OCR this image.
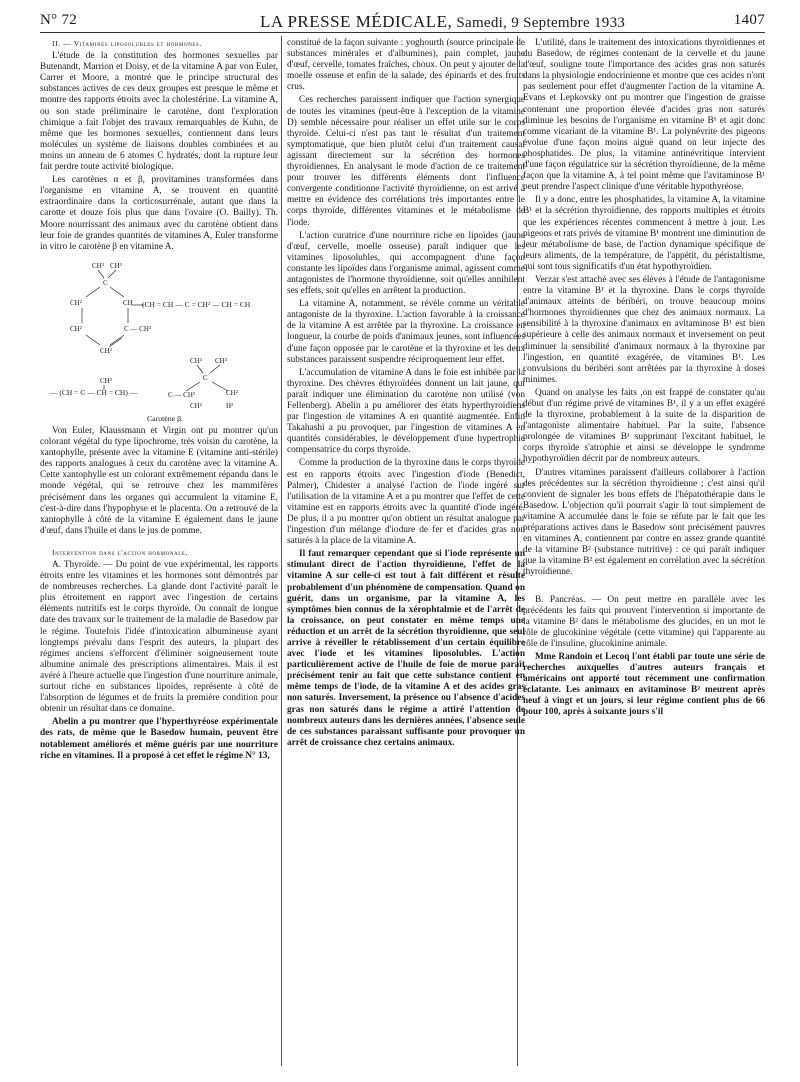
N° 72	LA PRESSE MÉDICALE, Samedi, 9 Septembre 1933	1407

II. — Vitamines liposolubles et hormones.

L'étude de la constitution des hormones sexuelles par Butenandt, Marrion et Doisy, et de la vitamine A par von Euler, Carrer et Moore, a montré que le principe structural des substances actives de ces deux groupes est presque le même et montre des rapports étroits avec la cholestérine. La vitamine A, ou son stade préliminaire le carotène, dont l'exploration chimique a fait l'objet des travaux remarquables de Kuhn, de même que les hormones sexuelles, contiennent dans leurs molécules un système de liaisons doubles combinées et au moins un anneau de 6 atomes C hydratés, dont la rupture leur fait perdre toute activité biologique.

Les carotènes α et β, provitamines transformées dans l'organisme en vitamine A, se trouvent en quantité extraordinaire dans la corticosurrénale, autant que dans la carotte et douze fois plus que dans l'ovaire (O. Bailly). Th. Moore nourrissant des animaux avec du carotène obtient dans leur foie de grandes quantités de vitamines A, Euler transforme in vitro le carotène β en vitamine A.

CH³ CH³
C
CH²	CH
CH²	C — CH³
CH²
(CH = CH — C = CH² — CH = CH
CH³ CH³
C
CH²
— (CH = C — CH = CH) —
CH³
C — CH³
CH²	H²

Carotène β.

Von Euler, Klaussmann et Virgin ont pu montrer qu'un colorant végétal du type lipochrome, très voisin du carotène, la xantophylle, présente avec la vitamine E (vitamine anti-stérile) des rapports analogues à ceux du carotène avec la vitamine A. Cette xantophylle est un colorant extrêmement répandu dans le monde végétal, qui se retrouve chez les mammifères précisément dans les organes qui accumulent la vitamine E, c'est-à-dire dans l'hypophyse et le placenta. On a retrouvé de la xantophylle à côté de la vitamine E également dans le jaune d'œuf, dans l'huile et dans le jus de pomme.

Intervention dans l'action hormonale.

A. Thyroïde. — Du point de vue expérimental, les rapports étroits entre les vitamines et les hormones sont démontrés par de nombreuses recherches. La glande dont l'activité paraît le plus étroitement en rapport avec l'ingestion de certains éléments nutritifs est le corps thyroïde. On connaît de longue date des travaux sur le traitement de la maladie de Basedow par le régime. Toutefois l'idée d'intoxication albumineuse ayant longtemps prévalu dans l'esprit des auteurs, la plupart des régimes anciens s'efforcent d'éliminer soigneusement toute albumine animale des prescriptions alimentaires. Mais il est avéré à l'heure actuelle que l'ingestion d'une nourriture animale, surtout riche en substances lipoïdes, représente à côté de l'absorption de légumes et de fruits la première condition pour obtenir un résultat dans ce domaine.

Abelin a pu montrer que l'hyperthyréose expérimentale des rats, de même que le Basedow humain, peuvent être notablement améliorés et même guéris par une nourriture riche en vitamines. Il a proposé à cet effet le régime N° 13,

constitué de la façon suivante : yoghourth (source principale de substances minérales et d'albumines), pain complet, jaune d'œuf, cervelle, tomates fraîches, choux. On peut y ajouter de la moelle osseuse et enfin de la salade, des épinards et des fruits crus.

Ces recherches paraissent indiquer que l'action synergique de toutes les vitamines (peut-être à l'exception de la vitamine D) semble nécessaire pour réaliser un effet utile sur le corps thyroïde. Celui-ci n'est pas tant le résultat d'un traitement symptomatique, que bien plutôt celui d'un traitement causal agissant directement sur la sécrétion des hormones thyroïdiennes. En analysant le mode d'action de ce traitement pour trouver les différents éléments dont l'influence convergente conditionne l'activité thyroïdienne, on est arrivé à mettre en évidence des corrélations très importantes entre le corps thyroïde, différentes vitamines et le métabolisme de l'iode.

L'action curatrice d'une nourriture riche en lipoïdes (jaune d'œuf, cervelle, moelle osseuse) paraît indiquer que les vitamines liposolubles, qui accompagnent d'une façon constante les lipoïdes dans l'organisme animal, agissent comme antagonistes de l'hormone thyroïdienne, soit qu'elles annihilent ses effets, soit qu'elles en arrêtent la production.

La vitamine A, notamment, se révèle comme un véritable antagoniste de la thyroxine. L'action favorable à la croissance de la vitamine A est arrêtée par la thyroxine. La croissance en longueur, la courbe de poids d'animaux jeunes, sont influencées d'une façon opposée par le carotène et la thyroxine et les deux substances paraissent suspendre réciproquement leur effet.

L'accumulation de vitamine A dans le foie est inhibée par la thyroxine. Des chèvres éthyroïdées donnent un lait jaune, qui paraît indiquer une élimination du carotène non utilisé (von Fellenberg). Abelin a pu améliorer des états hyperthyroïdiens par l'ingestion de vitamines A en quantité augmentée. Enfin Takahashi a pu provoquer, par l'ingestion de vitamines A en quantités considérables, le développement d'une hypertrophie compensatrice du corps thyroïde.

Comme la production de la thyroxine dans le corps thyroïde est en rapports étroits avec l'ingestion d'iode (Benedict, Palmer), Chidester a analysé l'action de l'iode ingéré sur l'utilisation de la vitamine A et a pu montrer que l'effet de cette vitamine est en rapports étroits avec la quantité d'iode ingéré. De plus, il a pu montrer qu'on obtient un résultat analogue par l'ingestion d'un mélange d'iodure de fer et d'acides gras non saturés à la place de la vitamine A.

Il faut remarquer cependant que si l'iode représente un stimulant direct de l'action thyroïdienne, l'effet de la vitamine A sur celle-ci est tout à fait différent et résulte probablement d'un phénomène de compensation. Quand on guérit, dans un organisme, par la vitamine A, les symptômes bien connus de la xérophtalmie et de l'arrêt de la croissance, on peut constater en même temps une réduction et un arrêt de la sécrétion thyroïdienne, que seul arrive à réveiller le rétablissement d'un certain équilibre avec l'iode et les vitamines liposolubles. L'action particulièrement active de l'huile de foie de morue paraît précisément tenir au fait que cette substance contient en même temps de l'iode, de la vitamine A et des acides gras non saturés. Inversement, la présence ou l'absence d'acides gras non saturés dans le régime a attiré l'attention de nombreux auteurs dans les dernières années, l'absence seule de ces substances paraissant suffisante pour provoquer un arrêt de croissance chez certains animaux.

L'utilité, dans le traitement des intoxications thyroïdiennes et du Basedow, de régimes contenant de la cervelle et du jaune d'œuf, souligne toute l'importance des acides gras non saturés dans la physiologie endocrinienne et montre que ces acides n'ont pas seulement pour effet d'augmenter l'action de la vitamine A. Evans et Lepkovsky ont pu montrer que l'ingestion de graisse contenant une proportion élevée d'acides gras non saturés diminue les besoins de l'organisme en vitamine B¹ et agit donc comme vicariant de la vitamine B¹. La polynévrite des pigeons évolue d'une façon moins aiguë quand on leur injecte des phosphatides. De plus, la vitamine antinévritique intervient d'une façon régulatrice sur la sécrétion thyroïdienne, de la même façon que la vitamine A, à tel point même que l'avitaminose B¹ peut prendre l'aspect clinique d'une véritable hypothyréose.

Il y a donc, entre les phosphatides, la vitamine A, la vitamine B¹ et la sécrétion thyroïdienne, des rapports multiples et étroits que les expériences récentes commencent à mettre à jour. Les pigeons et rats privés de vitamine B¹ montrent une diminution de leur métabolisme de base, de l'action dynamique spécifique de leurs aliments, de la température, de l'appétit, du péristaltisme, qui sont tous significatifs d'un état hypothyroïdien.

Verzar s'est attaché avec ses élèves à l'étude de l'antagonisme entre la vitamine B¹ et la thyroxine. Dans le corps thyroïde d'animaux atteints de béribéri, on trouve beaucoup moins d'hormones thyroïdiennes que chez des animaux normaux. La sensibilité à la thyroxine d'animaux en avitaminose B¹ est bien supérieure à celle des animaux normaux et inversement on peut diminuer la sensibilité d'animaux normaux à la thyroxine par l'ingestion, en quantité exagérée, de vitamines B¹. Les convulsions du béribéri sont arrêtées par la thyroxine à doses minimes.

Quand on analyse les faits ,on est frappé de constater qu'au début d'un régime privé de vitamines B¹, il y a un effet exagéré de la thyroxine, probablement à la suite de la disparition de l'antagoniste alimentaire habituel. Par la suite, l'absence prolongée de vitamines B¹ supprimant l'excitant habituel, le corps thyroïde s'atrophie et ainsi se développe le syndrome hypothyroïdien décrit par de nombreux auteurs.

D'autres vitamines paraissent d'ailleurs collaborer à l'action des précédentes sur la sécrétion thyroïdienne ; c'est ainsi qu'il convient de signaler les bons effets de l'hépatothérapie dans le Basedow. L'objection qu'il pourrait s'agir là tout simplement de vitamine A accumulée dans le foie se réfute par le fait que les préparations actives dans le Basedow sont précisément pauvres en vitamines A, contiennent par contre en assez grande quantité de la vitamine B² (substance nutritive) : ce qui paraît indiquer que la vitamine B² est également en corrélation avec la sécrétion thyroïdienne.

B. Pancréas. — On peut mettre en parallèle avec les précédents les faits qui prouvent l'intervention si importante de la vitamine B² dans le métabolisme des glucides, en un mot le rôle de glucokinine végétale (cette vitamine) qui l'apparente au rôle de l'insuline, glucokinine animale.

Mme Randoin et Lecoq l'ont établi par toute une série de recherches auxquelles d'autres auteurs français et américains ont apporté tout récemment une confirmation éclatante. Les animaux en avitaminose B² meurent après neuf à vingt et un jours, si leur régime contient plus de 66 pour 100, après à soixante jours s'il
